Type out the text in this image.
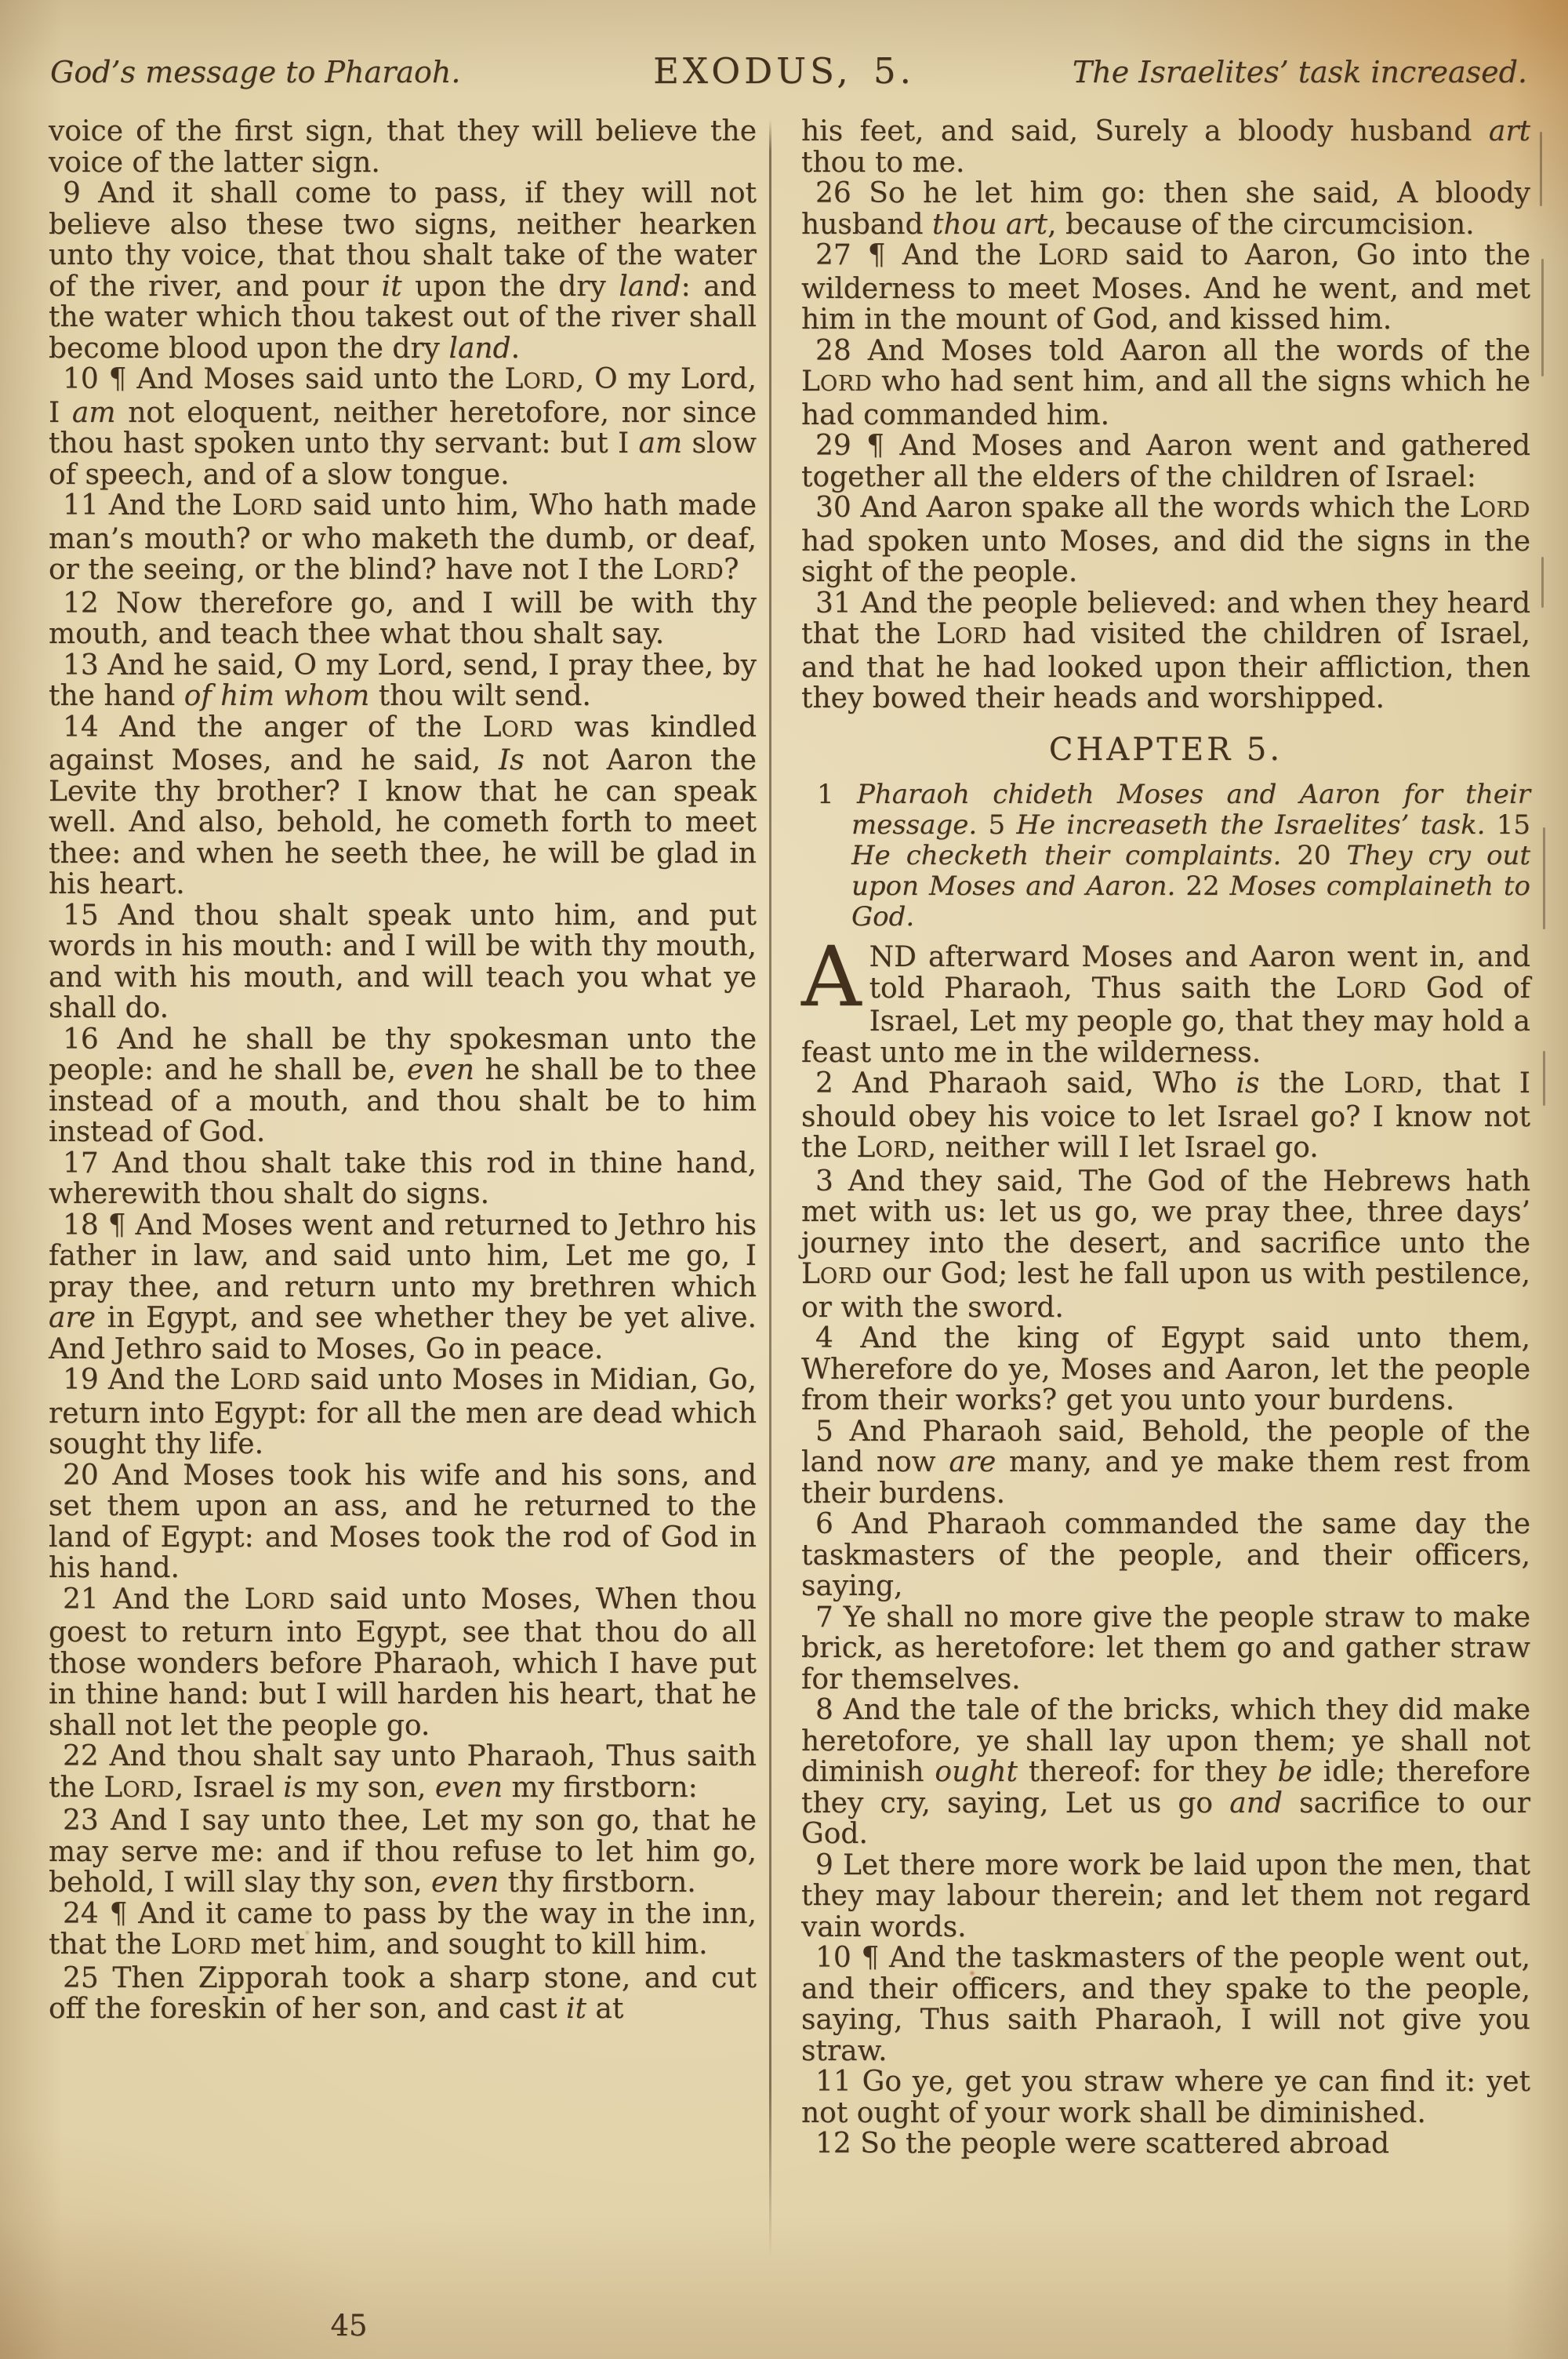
God’s message to Pharaoh.	EXODUS, 5.	The Israelites’ task increased.

voice of the first sign, that they will believe the voice of the latter sign.

9 And it shall come to pass, if they will not believe also these two signs, neither hearken unto thy voice, that thou shalt take of the water of the river, and pour it upon the dry land: and the water which thou takest out of the river shall become blood upon the dry land.

10 ¶ And Moses said unto the LORD, O my Lord, I am not eloquent, neither heretofore, nor since thou hast spoken unto thy servant: but I am slow of speech, and of a slow tongue.

11 And the LORD said unto him, Who hath made man’s mouth? or who maketh the dumb, or deaf, or the seeing, or the blind? have not I the LORD?

12 Now therefore go, and I will be with thy mouth, and teach thee what thou shalt say.

13 And he said, O my Lord, send, I pray thee, by the hand of him whom thou wilt send.

14 And the anger of the LORD was kindled against Moses, and he said, Is not Aaron the Levite thy brother? I know that he can speak well. And also, behold, he cometh forth to meet thee: and when he seeth thee, he will be glad in his heart.

15 And thou shalt speak unto him, and put words in his mouth: and I will be with thy mouth, and with his mouth, and will teach you what ye shall do.

16 And he shall be thy spokesman unto the people: and he shall be, even he shall be to thee instead of a mouth, and thou shalt be to him instead of God.

17 And thou shalt take this rod in thine hand, wherewith thou shalt do signs.

18 ¶ And Moses went and returned to Jethro his father in law, and said unto him, Let me go, I pray thee, and return unto my brethren which are in Egypt, and see whether they be yet alive. And Jethro said to Moses, Go in peace.

19 And the LORD said unto Moses in Midian, Go, return into Egypt: for all the men are dead which sought thy life.

20 And Moses took his wife and his sons, and set them upon an ass, and he returned to the land of Egypt: and Moses took the rod of God in his hand.

21 And the LORD said unto Moses, When thou goest to return into Egypt, see that thou do all those wonders before Pharaoh, which I have put in thine hand: but I will harden his heart, that he shall not let the people go.

22 And thou shalt say unto Pharaoh, Thus saith the LORD, Israel is my son, even my firstborn:

23 And I say unto thee, Let my son go, that he may serve me: and if thou refuse to let him go, behold, I will slay thy son, even thy firstborn.

24 ¶ And it came to pass by the way in the inn, that the LORD met him, and sought to kill him.

25 Then Zipporah took a sharp stone, and cut off the foreskin of her son, and cast it at

his feet, and said, Surely a bloody husband art thou to me.

26 So he let him go: then she said, A bloody husband thou art, because of the circumcision.

27 ¶ And the LORD said to Aaron, Go into the wilderness to meet Moses. And he went, and met him in the mount of God, and kissed him.

28 And Moses told Aaron all the words of the LORD who had sent him, and all the signs which he had commanded him.

29 ¶ And Moses and Aaron went and gathered together all the elders of the children of Israel:

30 And Aaron spake all the words which the LORD had spoken unto Moses, and did the signs in the sight of the people.

31 And the people believed: and when they heard that the LORD had visited the children of Israel, and that he had looked upon their affliction, then they bowed their heads and worshipped.

CHAPTER 5.

1 Pharaoh chideth Moses and Aaron for their message. 5 He increaseth the Israelites’ task. 15 He checketh their complaints. 20 They cry out upon Moses and Aaron. 22 Moses complaineth to God.

AND afterward Moses and Aaron went in, and told Pharaoh, Thus saith the LORD God of Israel, Let my people go, that they may hold a feast unto me in the wilderness.

2 And Pharaoh said, Who is the LORD, that I should obey his voice to let Israel go? I know not the LORD, neither will I let Israel go.

3 And they said, The God of the Hebrews hath met with us: let us go, we pray thee, three days’ journey into the desert, and sacrifice unto the LORD our God; lest he fall upon us with pestilence, or with the sword.

4 And the king of Egypt said unto them, Wherefore do ye, Moses and Aaron, let the people from their works? get you unto your burdens.

5 And Pharaoh said, Behold, the people of the land now are many, and ye make them rest from their burdens.

6 And Pharaoh commanded the same day the taskmasters of the people, and their officers, saying,

7 Ye shall no more give the people straw to make brick, as heretofore: let them go and gather straw for themselves.

8 And the tale of the bricks, which they did make heretofore, ye shall lay upon them; ye shall not diminish ought thereof: for they be idle; therefore they cry, saying, Let us go and sacrifice to our God.

9 Let there more work be laid upon the men, that they may labour therein; and let them not regard vain words.

10 ¶ And the taskmasters of the people went out, and their officers, and they spake to the people, saying, Thus saith Pharaoh, I will not give you straw.

11 Go ye, get you straw where ye can find it: yet not ought of your work shall be diminished.

12 So the people were scattered abroad

45
